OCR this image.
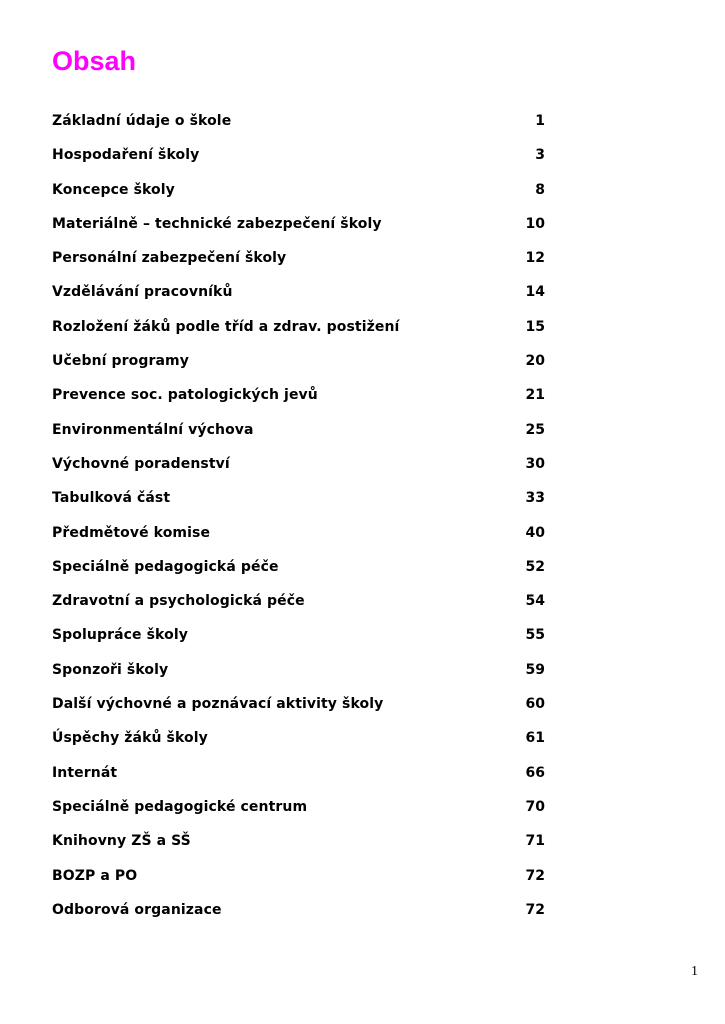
Obsah
Základní údaje o škole	1
Hospodaření školy	3
Koncepce školy	8
Materiálně – technické zabezpečení školy	10
Personální zabezpečení školy	12
Vzdělávání pracovníků	14
Rozložení žáků podle tříd a zdrav. postižení	15
Učební programy	20
Prevence soc. patologických jevů	21
Environmentální výchova	25
Výchovné poradenství	30
Tabulková část	33
Předmětové komise	40
Speciálně pedagogická péče	52
Zdravotní a psychologická péče	54
Spolupráce školy	55
Sponzoři školy	59
Další výchovné a poznávací aktivity školy	60
Úspěchy žáků školy	61
Internát	66
Speciálně pedagogické centrum	70
Knihovny ZŠ a SŠ	71
BOZP a PO	72
Odborová organizace	72
1
